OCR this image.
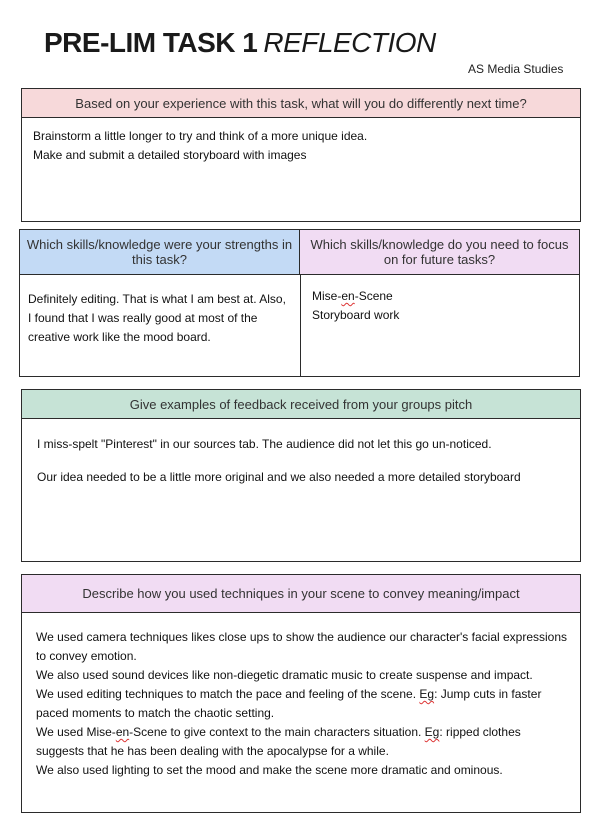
PRE-LIM TASK 1 REFLECTION
AS Media Studies
Based on your experience with this task, what will you do differently next time?
Brainstorm a little longer to try and think of a more unique idea.
Make and submit a detailed storyboard with images
Which skills/knowledge were your strengths in this task?
Which skills/knowledge do you need to focus on for future tasks?
Definitely editing. That is what I am best at. Also,
I found that I was really good at most of the
creative work like the mood board.
Mise-en-Scene
Storyboard work
Give examples of feedback received from your groups pitch
I miss-spelt "Pinterest" in our sources tab. The audience did not let this go un-noticed.
Our idea needed to be a little more original and we also needed a more detailed storyboard
Describe how you used techniques in your scene to convey meaning/impact
We used camera techniques likes close ups to show the audience our character's facial expressions
to convey emotion.
We also used sound devices like non-diegetic dramatic music to create suspense and impact.
We used editing techniques to match the pace and feeling of the scene. Eg: Jump cuts in faster
paced moments to match the chaotic setting.
We used Mise-en-Scene to give context to the main characters situation. Eg: ripped clothes
suggests that he has been dealing with the apocalypse for a while.
We also used lighting to set the mood and make the scene more dramatic and ominous.
